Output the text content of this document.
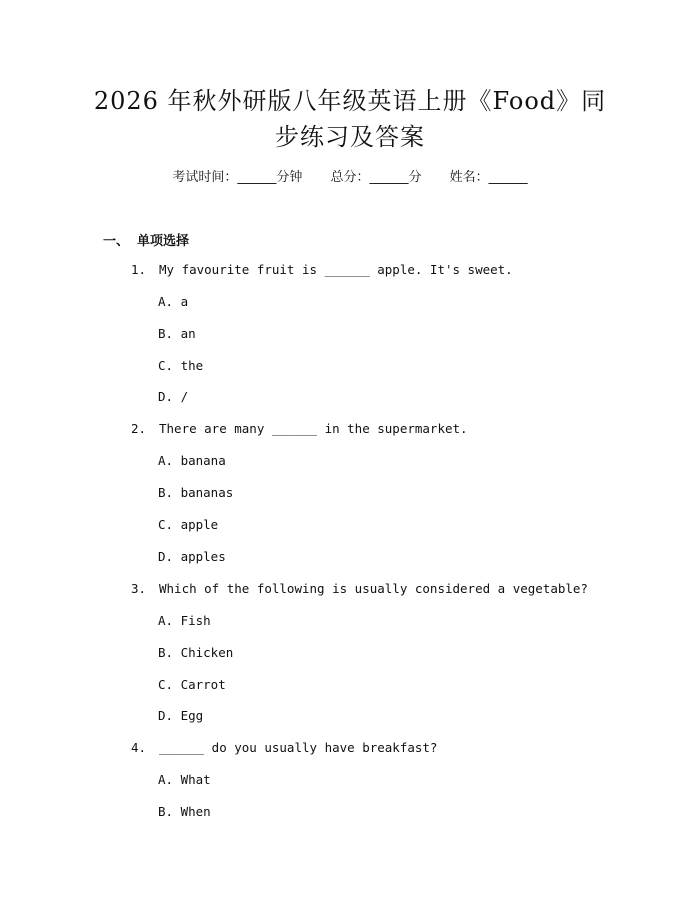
2026 年秋外研版八年级英语上册《Food》同
步练习及答案
考试时间：______分钟 总分：______分 姓名：______
一、 单项选择
1. My favourite fruit is ______ apple. It's sweet.
A. a
B. an
C. the
D. /
2. There are many ______ in the supermarket.
A. banana
B. bananas
C. apple
D. apples
3. Which of the following is usually considered a vegetable?
A. Fish
B. Chicken
C. Carrot
D. Egg
4. ______ do you usually have breakfast?
A. What
B. When
